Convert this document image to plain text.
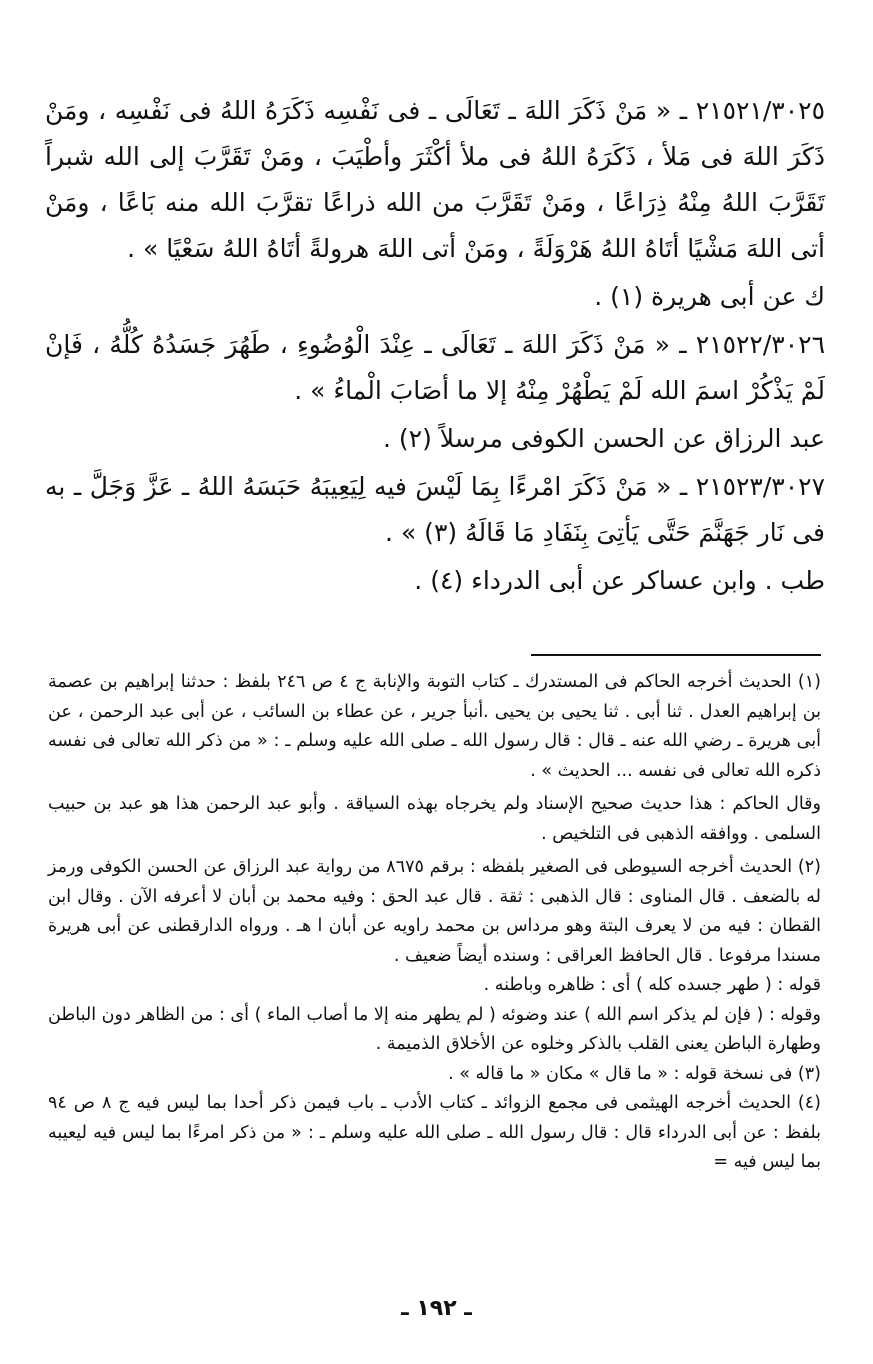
٢١٥٢١/٣٠٢٥ ـ « مَنْ ذَكَرَ اللهَ ـ تَعَالَى ـ فى نَفْسِه ذَكَرَهُ اللهُ فى نَفْسِه ، ومَنْ ذَكَرَ اللهَ فى مَلأ ، ذَكَرَهُ اللهُ فى ملأ أكْثَرَ وأطْيَبَ ، ومَنْ تَقَرَّبَ إلى الله شبراً تَقَرَّبَ اللهُ مِنْهُ ذِرَاعًا ، ومَنْ تَقَرَّبَ من الله ذراعًا تقرَّبَ الله منه بَاعًا ، ومَنْ أتى اللهَ مَشْيًا أتَاهُ اللهُ هَرْوَلَةً ، ومَنْ أتى اللهَ هرولةً أتَاهُ اللهُ سَعْيًا » .

ك عن أبى هريرة (١) .

٢١٥٢٢/٣٠٢٦ ـ « مَنْ ذَكَرَ اللهَ ـ تَعَالَى ـ عِنْدَ الْوُضُوءِ ، طَهُرَ جَسَدُهُ كُلُّهُ ، فَإنْ لَمْ يَذْكُرْ اسمَ الله لَمْ يَطْهُرْ مِنْهُ إلا ما أصَابَ الْماءُ » .

عبد الرزاق عن الحسن الكوفى مرسلاً (٢) .

٢١٥٢٣/٣٠٢٧ ـ « مَنْ ذَكَرَ امْرءًا بِمَا لَيْسَ فيه لِيَعِيبَهُ حَبَسَهُ اللهُ ـ عَزَّ وَجَلَّ ـ به فى نَار جَهَنَّمَ حَتَّى يَأتِىَ بِنَفَادِ مَا قَالَهُ (٣) » .

طب . وابن عساكر عن أبى الدرداء (٤) .

(١) الحديث أخرجه الحاكم فى المستدرك ـ كتاب التوبة والإنابة ج ٤ ص ٢٤٦ بلفظ : حدثنا إبراهيم بن عصمة بن إبراهيم العدل . ثنا أبى . ثنا يحيى بن يحيى .أنبأ جرير ، عن عطاء بن السائب ، عن أبى عبد الرحمن ، عن أبى هريرة ـ رضي الله عنه ـ قال : قال رسول الله ـ صلى الله عليه وسلم ـ : « من ذكر الله تعالى فى نفسه ذكره الله تعالى فى نفسه ... الحديث » .

وقال الحاكم : هذا حديث صحيح الإسناد ولم يخرجاه بهذه السياقة . وأبو عبد الرحمن هذا هو عبد بن حبيب السلمى . ووافقه الذهبى فى التلخيص .

(٢) الحديث أخرجه السيوطى فى الصغير بلفظه : برقم ٨٦٧٥ من رواية عبد الرزاق عن الحسن الكوفى ورمز له بالضعف . قال المناوى : قال الذهبى : ثقة . قال عبد الحق : وفيه محمد بن أبان لا أعرفه الآن . وقال ابن القطان : فيه من لا يعرف البتة وهو مرداس بن محمد راويه عن أبان ا هـ . ورواه الدارقطنى عن أبى هريرة مسندا مرفوعا . قال الحافظ العراقى : وسنده أيضاً ضعيف .

قوله : ( طهر جسده كله ) أى : ظاهره وباطنه .

وقوله : ( فإن لم يذكر اسم الله ) عند وضوئه ( لم يطهر منه إلا ما أصاب الماء ) أى : من الظاهر دون الباطن وطهارة الباطن يعنى القلب بالذكر وخلوه عن الأخلاق الذميمة .

(٣) فى نسخة قوله : « ما قال » مكان « ما قاله » .

(٤) الحديث أخرجه الهيثمى فى مجمع الزوائد ـ كتاب الأدب ـ باب فيمن ذكر أحدا بما ليس فيه ج ٨ ص ٩٤ بلفظ : عن أبى الدرداء قال : قال رسول الله ـ صلى الله عليه وسلم ـ : « من ذكر امرءًا بما ليس فيه ليعيبه بما ليس فيه =

ـ ١٩٢ ـ
